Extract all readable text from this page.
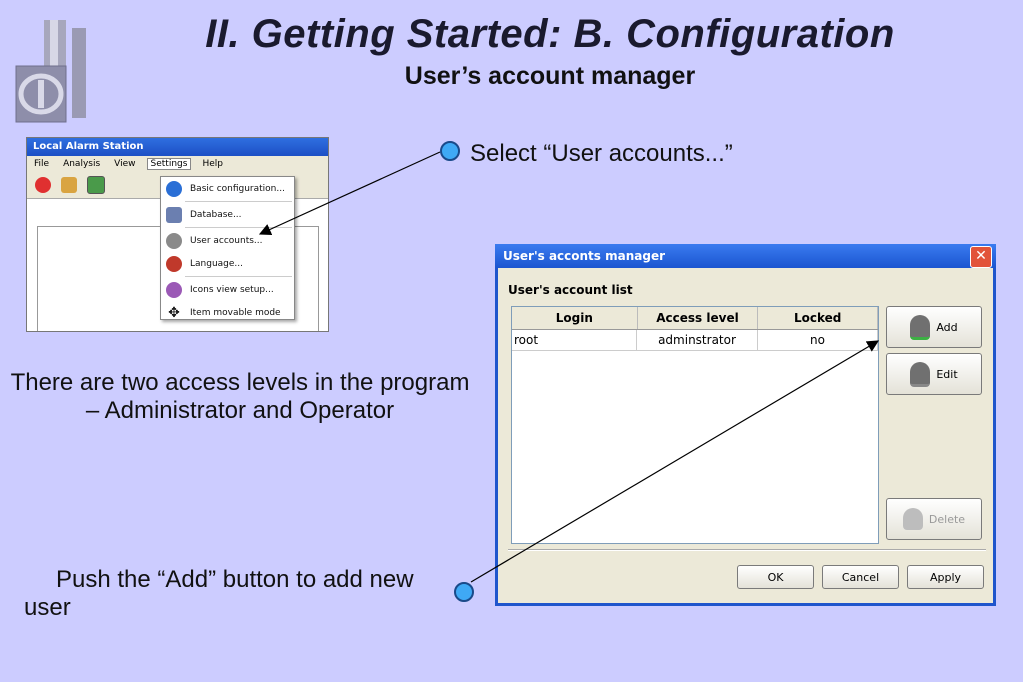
II. Getting Started: B. Configuration
User’s account manager
Local Alarm Station
File	Analysis	View	Settings	Help
Basic configuration...
Database...
User accounts...
Language...
Icons view setup...
✥ Item movable mode
Select “User accounts...”
There are two access levels in the program – Administrator and Operator
Push the “Add” button to add new user
User's acconts manager	✕
User's account list
Login	Access level	Locked
root	adminstrator	no
Add
Edit
Delete
OK	Cancel	Apply
